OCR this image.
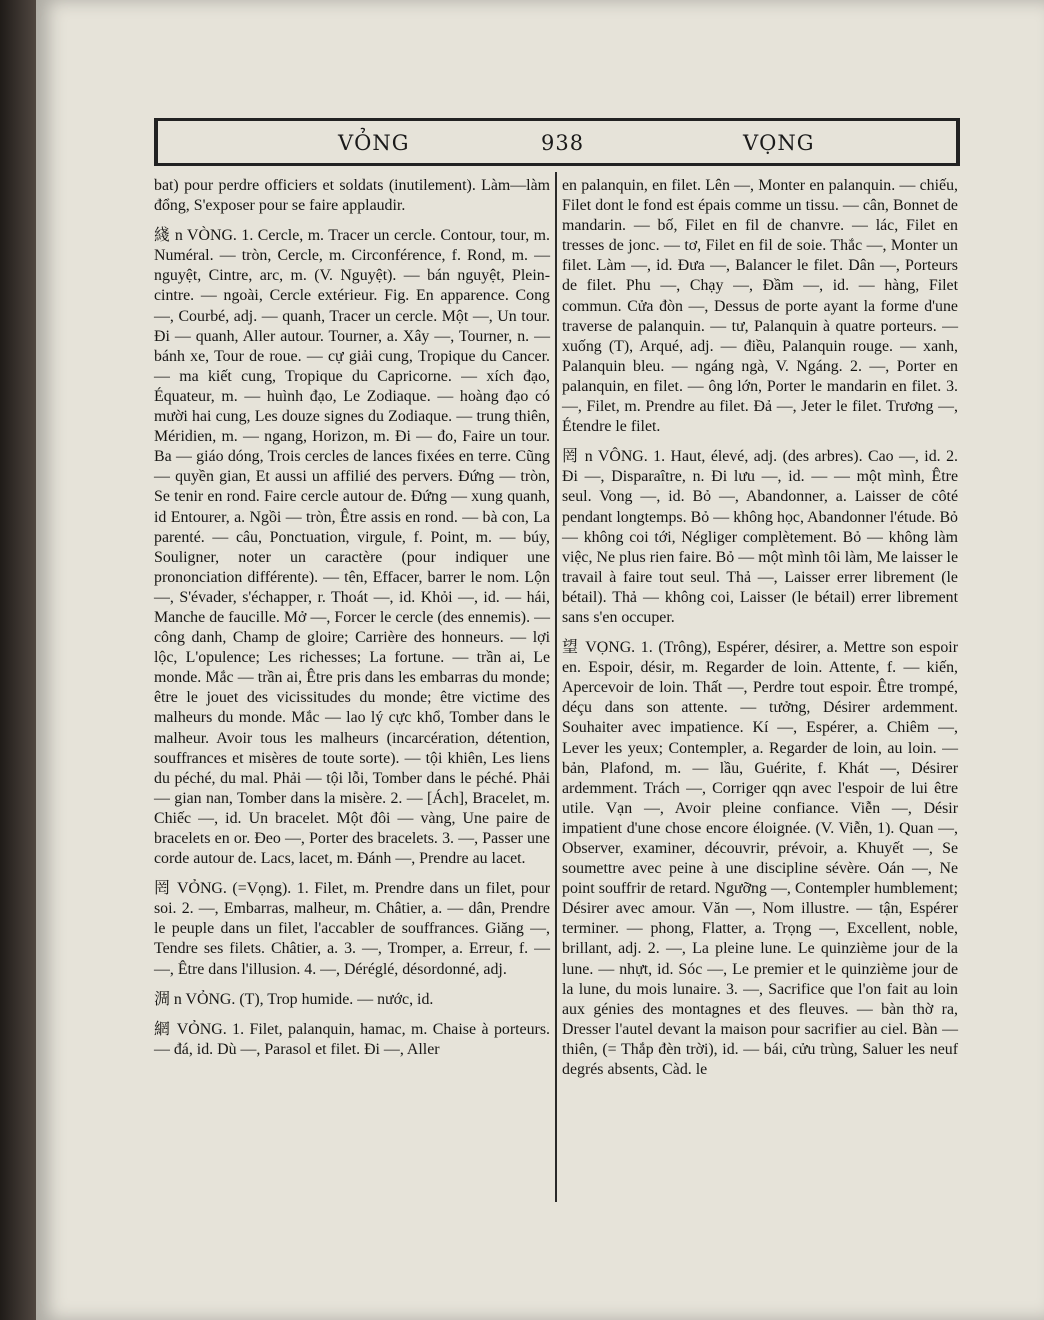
VỎNG	938	VỌNG

bat) pour perdre officiers et soldats (inutilement). Làm—làm đổng, S'exposer pour se faire applaudir.

綫 n VÒNG. 1. Cercle, m. Tracer un cercle. Contour, tour, m. Numéral. — tròn, Cercle, m. Circonférence, f. Rond, m. — nguyệt, Cintre, arc, m. (V. Nguyệt). — bán nguyệt, Plein-cintre. — ngoài, Cercle extérieur. Fig. En apparence. Cong —, Courbé, adj. — quanh, Tracer un cercle. Một —, Un tour. Đi — quanh, Aller autour. Tourner, a. Xây —, Tourner, n. — bánh xe, Tour de roue. — cự giải cung, Tropique du Cancer. — ma kiết cung, Tropique du Capricorne. — xích đạo, Équateur, m. — huình đạo, Le Zodiaque. — hoàng đạo có mười hai cung, Les douze signes du Zodiaque. — trung thiên, Méridien, m. — ngang, Horizon, m. Đi — đo, Faire un tour. Ba — giáo dóng, Trois cercles de lances fixées en terre. Cũng — quyền gian, Et aussi un affilié des pervers. Đứng — tròn, Se tenir en rond. Faire cercle autour de. Đứng — xung quanh, id Entourer, a. Ngồi — tròn, Être assis en rond. — bà con, La parenté. — câu, Ponctuation, virgule, f. Point, m. — búy, Souligner, noter un caractère (pour indiquer une prononciation différente). — tên, Effacer, barrer le nom. Lộn —, S'évader, s'échapper, r. Thoát —, id. Khỏi —, id. — hái, Manche de faucille. Mở —, Forcer le cercle (des ennemis). — công danh, Champ de gloire; Carrière des honneurs. — lợi lộc, L'opulence; Les richesses; La fortune. — trần ai, Le monde. Mắc — trần ai, Être pris dans les embarras du monde; être le jouet des vicissitudes du monde; être victime des malheurs du monde. Mắc — lao lý cực khổ, Tomber dans le malheur. Avoir tous les malheurs (incarcération, détention, souffrances et misères de toute sorte). — tội khiên, Les liens du péché, du mal. Phải — tội lỗi, Tomber dans le péché. Phải — gian nan, Tomber dans la misère. 2. — [Ách], Bracelet, m. Chiếc —, id. Un bracelet. Một đôi — vàng, Une paire de bracelets en or. Đeo —, Porter des bracelets. 3. —, Passer une corde autour de. Lacs, lacet, m. Đánh —, Prendre au lacet.

罔 VỎNG. (=Vọng). 1. Filet, m. Prendre dans un filet, pour soi. 2. —, Embarras, malheur, m. Châtier, a. — dân, Prendre le peuple dans un filet, l'accabler de souffrances. Giăng —, Tendre ses filets. Châtier, a. 3. —, Tromper, a. Erreur, f. — —, Être dans l'illusion. 4. —, Déréglé, désordonné, adj.

淍 n VỎNG. (T), Trop humide. — nước, id.

網 VỎNG. 1. Filet, palanquin, hamac, m. Chaise à porteurs. — đá, id. Dù —, Parasol et filet. Đi —, Aller

en palanquin, en filet. Lên —, Monter en palanquin. — chiếu, Filet dont le fond est épais comme un tissu. — cân, Bonnet de mandarin. — bố, Filet en fil de chanvre. — lác, Filet en tresses de jonc. — tơ, Filet en fil de soie. Thắc —, Monter un filet. Làm —, id. Đưa —, Balancer le filet. Dân —, Porteurs de filet. Phu —, Chạy —, Đầm —, id. — hàng, Filet commun. Cửa đòn —, Dessus de porte ayant la forme d'une traverse de palanquin. — tư, Palanquin à quatre porteurs. — xuống (T), Arqué, adj. — điều, Palanquin rouge. — xanh, Palanquin bleu. — ngáng ngà, V. Ngáng. 2. —, Porter en palanquin, en filet. — ông lớn, Porter le mandarin en filet. 3. —, Filet, m. Prendre au filet. Đả —, Jeter le filet. Trương —, Étendre le filet.

罔 n VÔNG. 1. Haut, élevé, adj. (des arbres). Cao —, id. 2. Đi —, Disparaître, n. Đi lưu —, id. — — một mình, Être seul. Vong —, id. Bỏ —, Abandonner, a. Laisser de côté pendant longtemps. Bỏ — không học, Abandonner l'étude. Bỏ — không coi tới, Négliger complètement. Bỏ — không làm việc, Ne plus rien faire. Bỏ — một mình tôi làm, Me laisser le travail à faire tout seul. Thả —, Laisser errer librement (le bétail). Thả — không coi, Laisser (le bétail) errer librement sans s'en occuper.

望 VỌNG. 1. (Trông), Espérer, désirer, a. Mettre son espoir en. Espoir, désir, m. Regarder de loin. Attente, f. — kiến, Apercevoir de loin. Thất —, Perdre tout espoir. Être trompé, déçu dans son attente. — tưởng, Désirer ardemment. Souhaiter avec impatience. Kí —, Espérer, a. Chiêm —, Lever les yeux; Contempler, a. Regarder de loin, au loin. — bản, Plafond, m. — lầu, Guérite, f. Khát —, Désirer ardemment. Trách —, Corriger qqn avec l'espoir de lui être utile. Vạn —, Avoir pleine confiance. Viễn —, Désir impatient d'une chose encore éloignée. (V. Viễn, 1). Quan —, Observer, examiner, découvrir, prévoir, a. Khuyết —, Se soumettre avec peine à une discipline sévère. Oán —, Ne point souffrir de retard. Ngưỡng —, Contempler humblement; Désirer avec amour. Văn —, Nom illustre. — tận, Espérer terminer. — phong, Flatter, a. Trọng —, Excellent, noble, brillant, adj. 2. —, La pleine lune. Le quinzième jour de la lune. — nhựt, id. Sóc —, Le premier et le quinzième jour de la lune, du mois lunaire. 3. —, Sacrifice que l'on fait au loin aux génies des montagnes et des fleuves. — bàn thờ ra, Dresser l'autel devant la maison pour sacrifier au ciel. Bàn — thiên, (= Thắp đèn trời), id. — bái, cửu trùng, Saluer les neuf degrés absents, Càd. le
